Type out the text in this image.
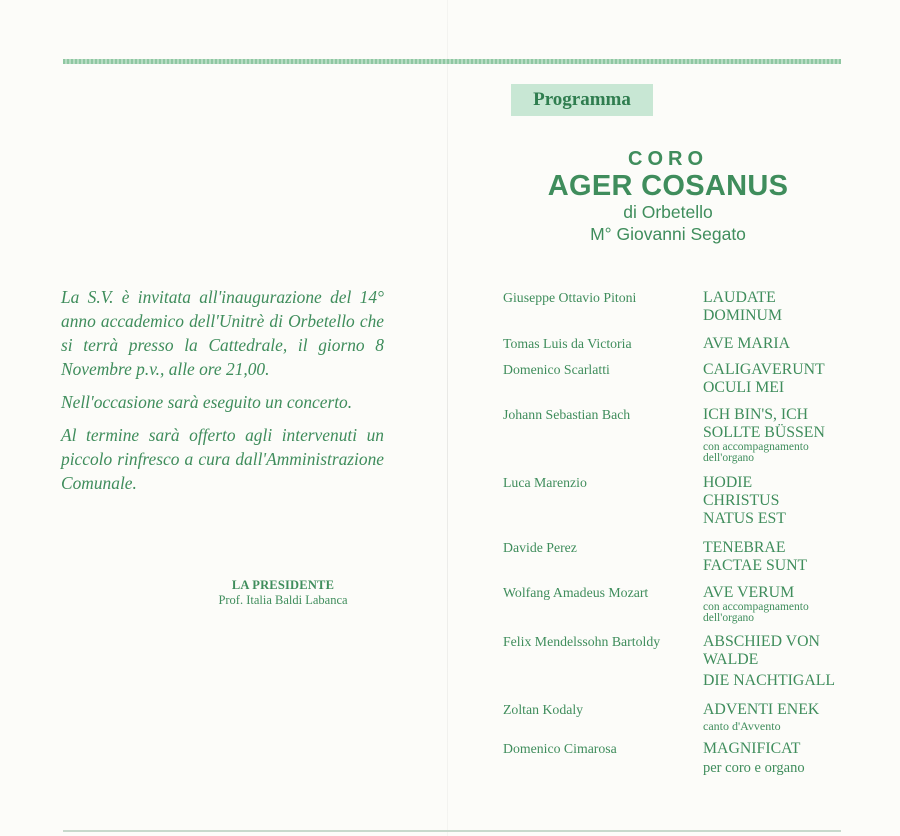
La S.V. è invitata all'inaugurazione del 14° anno accademico dell'Unitrè di Orbetello che si terrà presso la Cattedrale, il giorno 8 Novembre p.v., alle ore 21,00.

Nell'occasione sarà eseguito un concerto.

Al termine sarà offerto agli intervenuti un piccolo rinfresco a cura dall'Amministrazione Comunale.

LA PRESIDENTE
Prof. Italia Baldi Labanca
Programma
CORO
AGER COSANUS
di Orbetello
M° Giovanni Segato
Giuseppe Ottavio Pitoni	LAUDATE DOMINUM
Tomas Luis da Victoria	AVE MARIA
Domenico Scarlatti	CALIGAVERUNT OCULI MEI
Johann Sebastian Bach	ICH BIN'S, ICH SOLLTE BÜSSEN
con accompagnamento dell'organo
Luca Marenzio	HODIE CHRISTUS NATUS EST
Davide Perez	TENEBRAE FACTAE SUNT
Wolfang Amadeus Mozart	AVE VERUM
con accompagnamento dell'organo
Felix Mendelssohn Bartoldy	ABSCHIED VON WALDE
DIE NACHTIGALL
Zoltan Kodaly	ADVENTI ENEK
canto d'Avvento
Domenico Cimarosa	MAGNIFICAT
per coro e organo
